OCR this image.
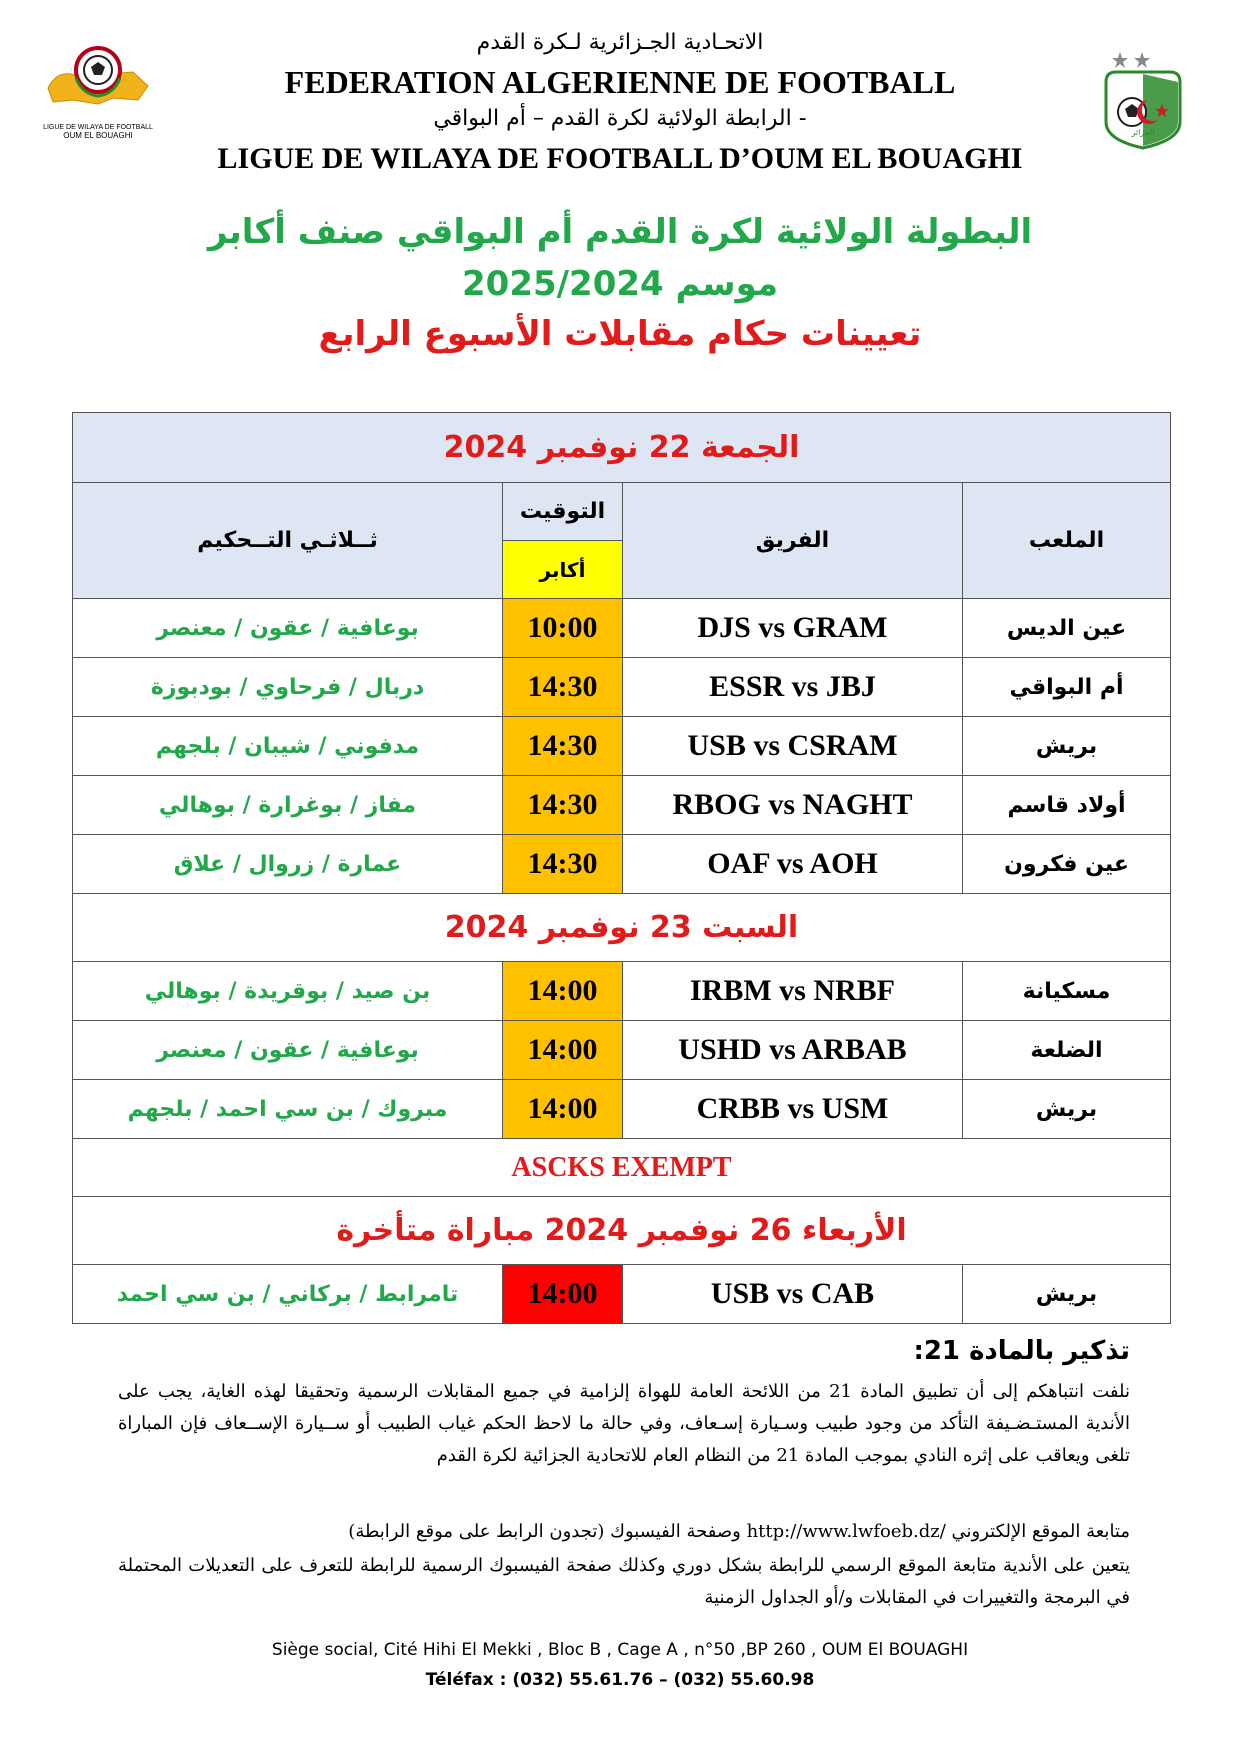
LIGUE DE WILAYA DE FOOTBALL
OUM EL BOUAGHI	الجزائر
الاتحـادية الجـزائرية لـكرة القدم
FEDERATION ALGERIENNE DE FOOTBALL
الرابطة الولائية لكرة القدم – أم البواقي -
LIGUE DE WILAYA DE FOOTBALL D’OUM EL BOUAGHI
البطولة الولائية لكرة القدم أم البواقي صنف أكابر
موسم 2025/2024
تعيينات حكام مقابلات الأسبوع الرابع
الجمعة 22 نوفمبر 2024			
ثــلاثـي التــحكيم	التوقيت	الفريق	الملعب
	أكابر		
بوعافية / عقون / معنصر	10:00	DJS vs GRAM	عين الديس
دربال / فرحاوي / بودبوزة	14:30	ESSR vs JBJ	أم البواقي
مدفوني / شيبان / بلجهم	14:30	USB vs CSRAM	بريش
مفاز / بوغرارة / بوهالي	14:30	RBOG vs NAGHT	أولاد قاسم
عمارة / زروال / علاق	14:30	OAF vs AOH	عين فكرون
السبت 23 نوفمبر 2024			
بن صيد / بوقريدة / بوهالي	14:00	IRBM vs NRBF	مسكيانة
بوعافية / عقون / معنصر	14:00	USHD vs ARBAB	الضلعة
مبروك / بن سي احمد / بلجهم	14:00	CRBB vs USM	بريش
ASCKS EXEMPT			
الأربعاء 26 نوفمبر 2024 مباراة متأخرة			
تامرابط / بركاني / بن سي احمد	14:00	USB vs CAB	بريش
تذكير بالمادة 21:
نلفت انتباهكم إلى أن تطبيق المادة 21 من اللائحة العامة للهواة إلزامية في جميع المقابلات الرسمية وتحقيقا لهذه الغاية، يجب على الأندية المستـضـيفة التأكد من وجود طبيب وسـيارة إسـعاف، وفي حالة ما لاحظ الحكم غياب الطبيب أو ســيارة الإســعاف فإن المباراة تلغى ويعاقب على إثره النادي بموجب المادة 21 من النظام العام للاتحادية الجزائية لكرة القدم
متابعة الموقع الإلكتروني /http://www.lwfoeb.dz وصفحة الفيسبوك (تجدون الرابط على موقع الرابطة)
يتعين على الأندية متابعة الموقع الرسمي للرابطة بشكل دوري وكذلك صفحة الفيسبوك الرسمية للرابطة للتعرف على التعديلات المحتملة في البرمجة والتغييرات في المقابلات و/أو الجداول الزمنية
Siège social, Cité Hihi El Mekki , Bloc B , Cage A , n°50 ,BP 260 , OUM El BOUAGHI
Téléfax : (032) 55.61.76 – (032) 55.60.98
